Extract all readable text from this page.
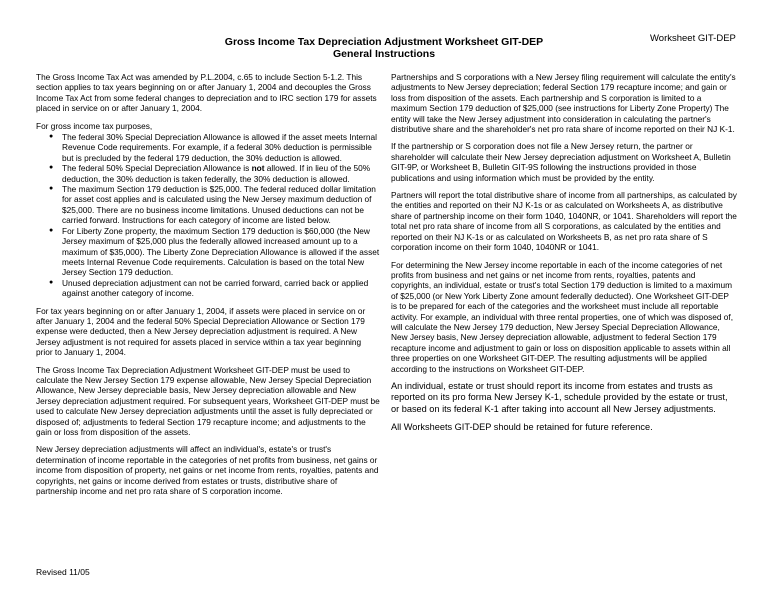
Worksheet GIT-DEP
Gross Income Tax Depreciation Adjustment Worksheet GIT-DEP
General Instructions

The Gross Income Tax Act was amended by P.L.2004, c.65 to include Section 5-1.2. This section applies to tax years beginning on or after January 1, 2004 and decouples the Gross Income Tax Act from some federal changes to depreciation and to IRC section 179 for assets placed in service on or after January 1, 2004.

For gross income tax purposes,

● The federal 30% Special Depreciation Allowance is allowed if the asset meets Internal Revenue Code requirements. For example, if a federal 30% deduction is permissible but is precluded by the federal 179 deduction, the 30% deduction is allowed.
● The federal 50% Special Depreciation Allowance is not allowed. If in lieu of the 50% deduction, the 30% deduction is taken federally, the 30% deduction is allowed.
● The maximum Section 179 deduction is $25,000. The federal reduced dollar limitation for asset cost applies and is calculated using the New Jersey maximum deduction of $25,000. There are no business income limitations. Unused deductions can not be carried forward. Instructions for each category of income are listed below.
● For Liberty Zone property, the maximum Section 179 deduction is $60,000 (the New Jersey maximum of $25,000 plus the federally allowed increased amount up to a maximum of $35,000). The Liberty Zone Depreciation Allowance is allowed if the asset meets Internal Revenue Code requirements. Calculation is based on the total New Jersey Section 179 deduction.
● Unused depreciation adjustment can not be carried forward, carried back or applied against another category of income.

For tax years beginning on or after January 1, 2004, if assets were placed in service on or after January 1, 2004 and the federal 50% Special Depreciation Allowance or Section 179 expense were deducted, then a New Jersey depreciation adjustment is required. A New Jersey adjustment is not required for assets placed in service within a tax year beginning prior to January 1, 2004.

The Gross Income Tax Depreciation Adjustment Worksheet GIT-DEP must be used to calculate the New Jersey Section 179 expense allowable, New Jersey Special Depreciation Allowance, New Jersey depreciable basis, New Jersey depreciation allowable and New Jersey depreciation adjustment required. For subsequent years, Worksheet GIT-DEP must be used to calculate New Jersey depreciation adjustments until the asset is fully depreciated or disposed of; adjustments to federal Section 179 recapture income; and adjustments to the gain or loss from disposition of the assets.

New Jersey depreciation adjustments will affect an individual's, estate's or trust's determination of income reportable in the categories of net profits from business, net gains or income from disposition of property, net gains or net income from rents, royalties, patents and copyrights, net gains or income derived from estates or trusts, distributive share of partnership income and net pro rata share of S corporation income.

Partnerships and S corporations with a New Jersey filing requirement will calculate the entity's adjustments to New Jersey depreciation; federal Section 179 recapture income; and gain or loss from disposition of the assets. Each partnership and S corporation is limited to a maximum Section 179 deduction of $25,000 (see instructions for Liberty Zone Property) The entity will take the New Jersey adjustment into consideration in calculating the partner's distributive share and the shareholder's net pro rata share of income reported on their NJ K-1.

If the partnership or S corporation does not file a New Jersey return, the partner or shareholder will calculate their New Jersey depreciation adjustment on Worksheet A, Bulletin GIT-9P, or Worksheet B, Bulletin GIT-9S following the instructions provided in those publications and using information which must be provided by the entity.

Partners will report the total distributive share of income from all partnerships, as calculated by the entities and reported on their NJ K-1s or as calculated on Worksheets A, as distributive share of partnership income on their form 1040, 1040NR, or 1041. Shareholders will report the total net pro rata share of income from all S corporations, as calculated by the entities and reported on their NJ K-1s or as calculated on Worksheets B, as net pro rata share of S corporation income on their form 1040, 1040NR or 1041.

For determining the New Jersey income reportable in each of the income categories of net profits from business and net gains or net income from rents, royalties, patents and copyrights, an individual, estate or trust's total Section 179 deduction is limited to a maximum of $25,000 (or New York Liberty Zone amount federally deducted). One Worksheet GIT-DEP is to be prepared for each of the categories and the worksheet must include all reportable activity. For example, an individual with three rental properties, one of which was disposed of, will calculate the New Jersey 179 deduction, New Jersey Special Depreciation Allowance, New Jersey basis, New Jersey depreciation allowable, adjustment to federal Section 179 recapture income and adjustment to gain or loss on disposition applicable to assets within all three properties on one Worksheet GIT-DEP. The resulting adjustments will be applied according to the instructions on Worksheet GIT-DEP.

An individual, estate or trust should report its income from estates and trusts as reported on its pro forma New Jersey K-1, schedule provided by the estate or trust, or based on its federal K-1 after taking into account all New Jersey adjustments.

All Worksheets GIT-DEP should be retained for future reference.

Revised 11/05
